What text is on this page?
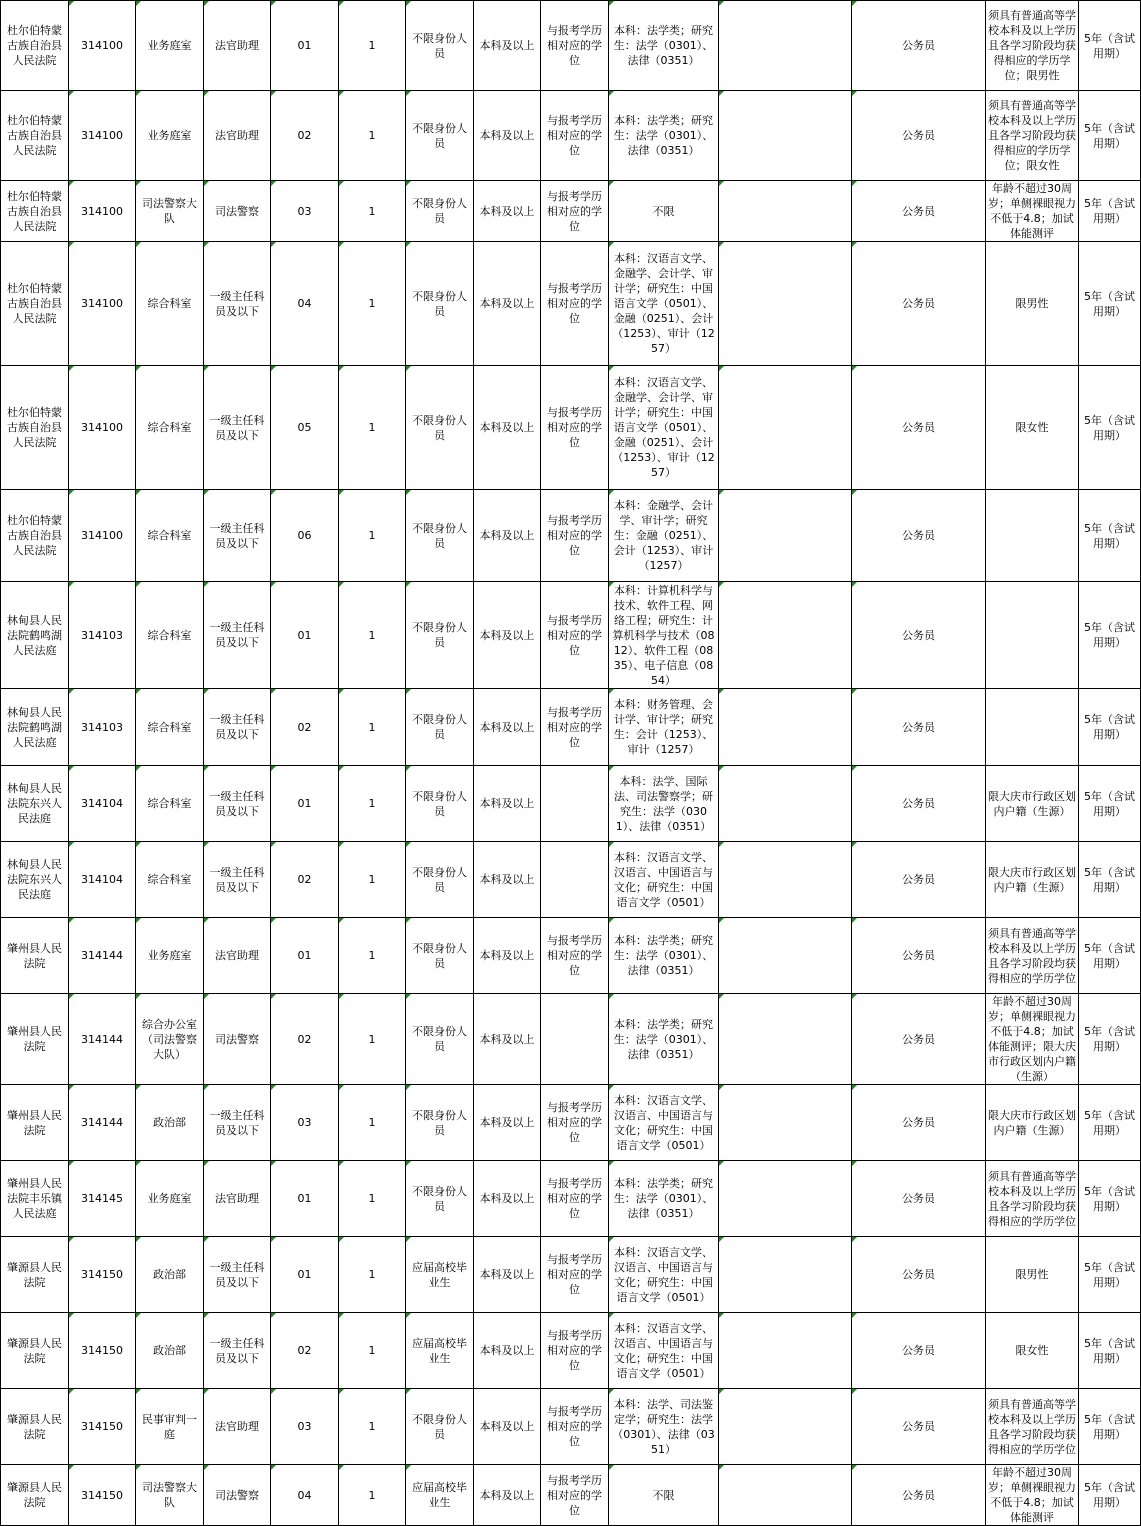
杜尔伯特蒙古族自治县人民法院	314100	业务庭室	法官助理	01	1	不限身份人员	本科及以上	与报考学历相对应的学位	本科：法学类；研究生：法学（0301）、法律（0351）		公务员	须具有普通高等学校本科及以上学历且各学习阶段均获得相应的学历学位；限男性	5年（含试用期）
杜尔伯特蒙古族自治县人民法院	314100	业务庭室	法官助理	02	1	不限身份人员	本科及以上	与报考学历相对应的学位	本科：法学类；研究生：法学（0301）、法律（0351）		公务员	须具有普通高等学校本科及以上学历且各学习阶段均获得相应的学历学位；限女性	5年（含试用期）
杜尔伯特蒙古族自治县人民法院	314100	司法警察大队	司法警察	03	1	不限身份人员	本科及以上	与报考学历相对应的学位	不限		公务员	年龄不超过30周岁；单侧裸眼视力不低于4.8；加试体能测评	5年（含试用期）
杜尔伯特蒙古族自治县人民法院	314100	综合科室	一级主任科员及以下	04	1	不限身份人员	本科及以上	与报考学历相对应的学位	本科：汉语言文学、金融学、会计学、审计学；研究生：中国语言文学（0501）、金融（0251）、会计（1253）、审计（1257）		公务员	限男性	5年（含试用期）
杜尔伯特蒙古族自治县人民法院	314100	综合科室	一级主任科员及以下	05	1	不限身份人员	本科及以上	与报考学历相对应的学位	本科：汉语言文学、金融学、会计学、审计学；研究生：中国语言文学（0501）、金融（0251）、会计（1253）、审计（1257）		公务员	限女性	5年（含试用期）
杜尔伯特蒙古族自治县人民法院	314100	综合科室	一级主任科员及以下	06	1	不限身份人员	本科及以上	与报考学历相对应的学位	本科：金融学、会计学、审计学；研究生：金融（0251）、会计（1253）、审计（1257）		公务员		5年（含试用期）
林甸县人民法院鹤鸣湖人民法庭	314103	综合科室	一级主任科员及以下	01	1	不限身份人员	本科及以上	与报考学历相对应的学位	本科：计算机科学与技术、软件工程、网络工程；研究生：计算机科学与技术（0812）、软件工程（0835）、电子信息（0854）		公务员		5年（含试用期）
林甸县人民法院鹤鸣湖人民法庭	314103	综合科室	一级主任科员及以下	02	1	不限身份人员	本科及以上	与报考学历相对应的学位	本科：财务管理、会计学、审计学；研究生：会计（1253）、审计（1257）		公务员		5年（含试用期）
林甸县人民法院东兴人民法庭	314104	综合科室	一级主任科员及以下	01	1	不限身份人员	本科及以上		本科：法学、国际法、司法警察学；研究生：法学（0301）、法律（0351）		公务员	限大庆市行政区划内户籍（生源）	5年（含试用期）
林甸县人民法院东兴人民法庭	314104	综合科室	一级主任科员及以下	02	1	不限身份人员	本科及以上		本科：汉语言文学、汉语言、中国语言与文化；研究生：中国语言文学（0501）		公务员	限大庆市行政区划内户籍（生源）	5年（含试用期）
肇州县人民法院	314144	业务庭室	法官助理	01	1	不限身份人员	本科及以上	与报考学历相对应的学位	本科：法学类；研究生：法学（0301）、法律（0351）		公务员	须具有普通高等学校本科及以上学历且各学习阶段均获得相应的学历学位	5年（含试用期）
肇州县人民法院	314144	综合办公室（司法警察大队）	司法警察	02	1	不限身份人员	本科及以上		本科：法学类；研究生：法学（0301）、法律（0351）		公务员	年龄不超过30周岁；单侧裸眼视力不低于4.8；加试体能测评；限大庆市行政区划内户籍（生源）	5年（含试用期）
肇州县人民法院	314144	政治部	一级主任科员及以下	03	1	不限身份人员	本科及以上	与报考学历相对应的学位	本科：汉语言文学、汉语言、中国语言与文化；研究生：中国语言文学（0501）		公务员	限大庆市行政区划内户籍（生源）	5年（含试用期）
肇州县人民法院丰乐镇人民法庭	314145	业务庭室	法官助理	01	1	不限身份人员	本科及以上	与报考学历相对应的学位	本科：法学类；研究生：法学（0301）、法律（0351）		公务员	须具有普通高等学校本科及以上学历且各学习阶段均获得相应的学历学位	5年（含试用期）
肇源县人民法院	314150	政治部	一级主任科员及以下	01	1	应届高校毕业生	本科及以上	与报考学历相对应的学位	本科：汉语言文学、汉语言、中国语言与文化；研究生：中国语言文学（0501）		公务员	限男性	5年（含试用期）
肇源县人民法院	314150	政治部	一级主任科员及以下	02	1	应届高校毕业生	本科及以上	与报考学历相对应的学位	本科：汉语言文学、汉语言、中国语言与文化；研究生：中国语言文学（0501）		公务员	限女性	5年（含试用期）
肇源县人民法院	314150	民事审判一庭	法官助理	03	1	不限身份人员	本科及以上	与报考学历相对应的学位	本科：法学、司法鉴定学；研究生：法学（0301）、法律（0351）		公务员	须具有普通高等学校本科及以上学历且各学习阶段均获得相应的学历学位	5年（含试用期）
肇源县人民法院	314150	司法警察大队	司法警察	04	1	应届高校毕业生	本科及以上	与报考学历相对应的学位	不限		公务员	年龄不超过30周岁；单侧裸眼视力不低于4.8；加试体能测评	5年（含试用期）
